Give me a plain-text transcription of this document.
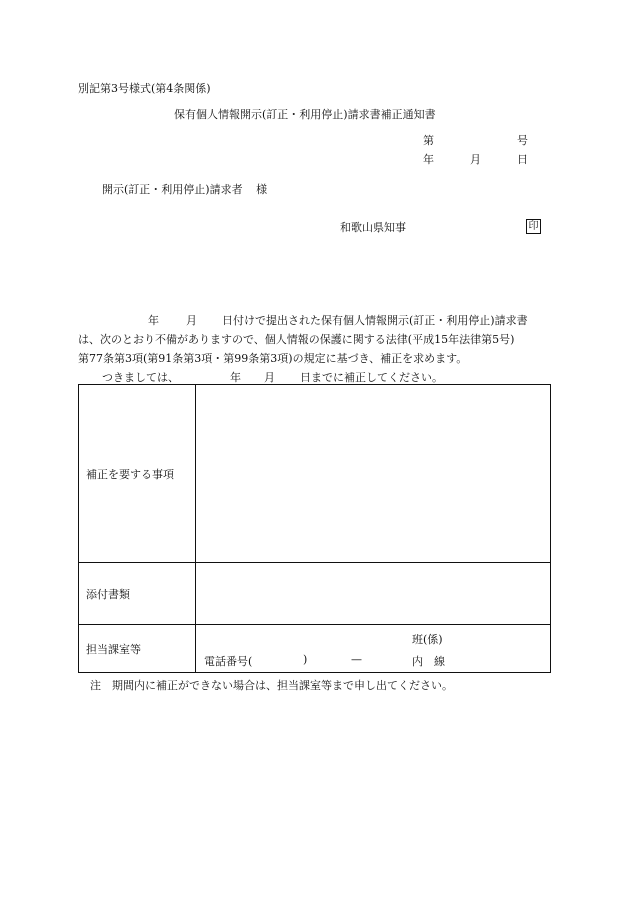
別記第3号様式(第4条関係)
保有個人情報開示(訂正・利用停止)請求書補正通知書
第	号
年	月	日
開示(訂正・利用停止)請求者 様
和歌山県知事	印
年 月 日付けで提出された保有個人情報開示(訂正・利用停止)請求書
は、次のとおり不備がありますので、個人情報の保護に関する法律(平成15年法律第5号)
第77条第3項(第91条第3項・第99条第3項)の規定に基づき、補正を求めます。
つきましては、	年 月 日までに補正してください。
補正を要する事項	
添付書類	
担当課室等	班(係)
電話番号( ) — 内　線
注　期間内に補正ができない場合は、担当課室等まで申し出てください。
